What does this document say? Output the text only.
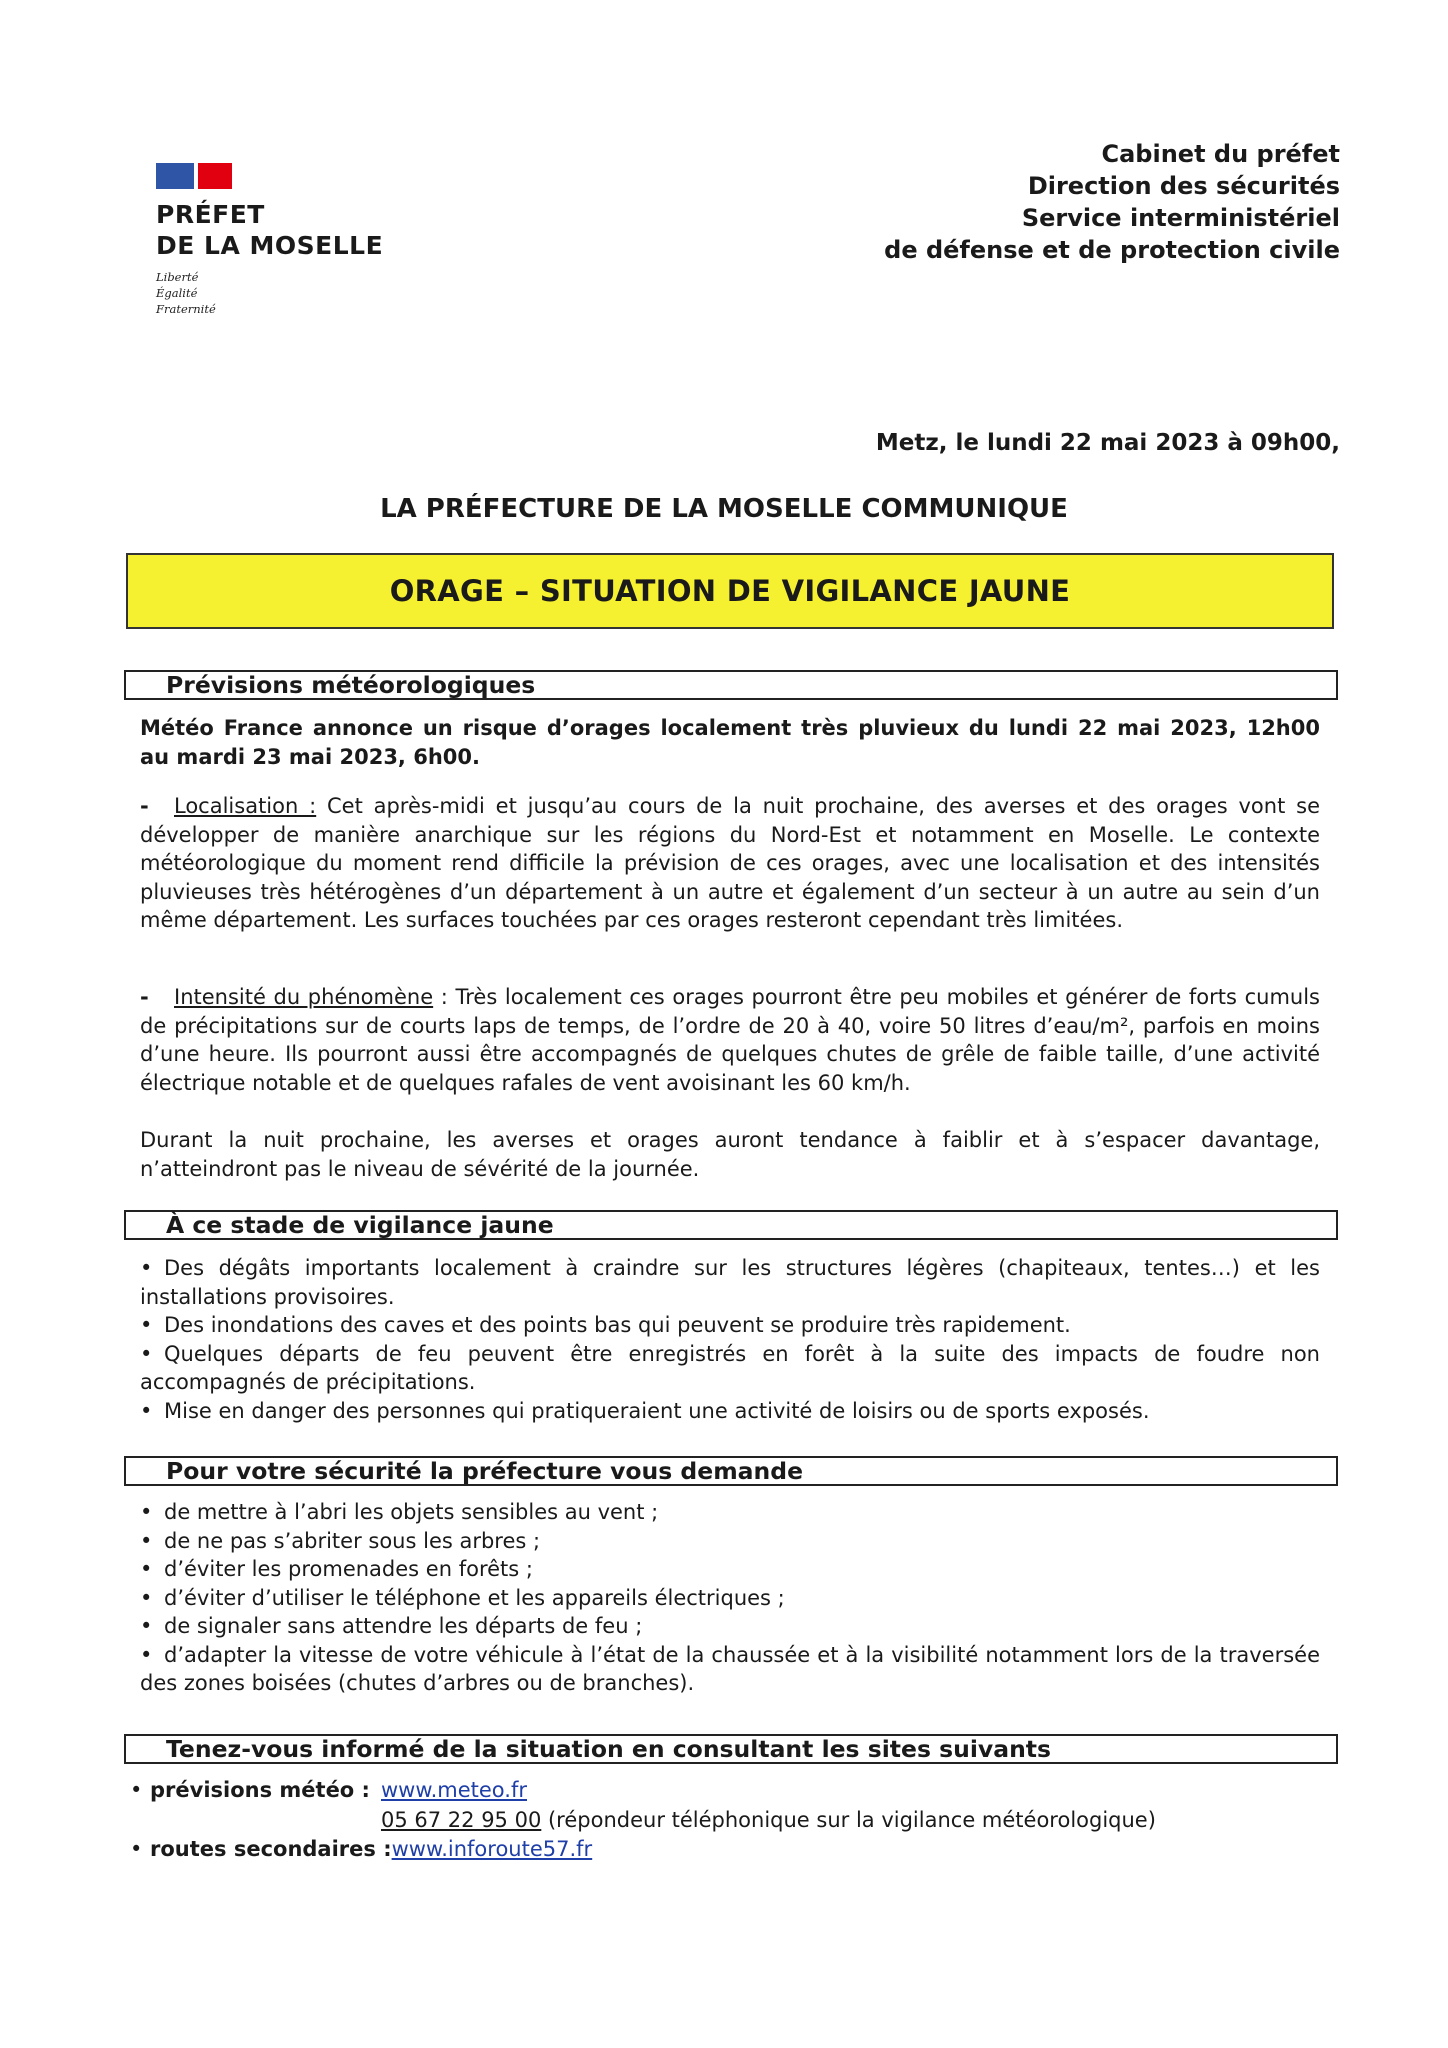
PRÉFET
DE LA MOSELLE
Liberté
Égalité
Fraternité
Cabinet du préfet
Direction des sécurités
Service interministériel
de défense et de protection civile
Metz, le lundi 22 mai 2023 à 09h00,
LA PRÉFECTURE DE LA MOSELLE COMMUNIQUE
ORAGE – SITUATION DE VIGILANCE JAUNE
Prévisions météorologiques
Météo France annonce un risque d’orages localement très pluvieux du lundi 22 mai 2023, 12h00 au mardi 23 mai 2023, 6h00.
- Localisation : Cet après-midi et jusqu’au cours de la nuit prochaine, des averses et des orages vont se développer de manière anarchique sur les régions du Nord-Est et notamment en Moselle. Le contexte météorologique du moment rend difficile la prévision de ces orages, avec une localisation et des intensités pluvieuses très hétérogènes d’un département à un autre et également d’un secteur à un autre au sein d’un même département. Les surfaces touchées par ces orages resteront cependant très limitées.
- Intensité du phénomène : Très localement ces orages pourront être peu mobiles et générer de forts cumuls de précipitations sur de courts laps de temps, de l’ordre de 20 à 40, voire 50 litres d’eau/m², parfois en moins d’une heure. Ils pourront aussi être accompagnés de quelques chutes de grêle de faible taille, d’une activité électrique notable et de quelques rafales de vent avoisinant les 60 km/h.
Durant la nuit prochaine, les averses et orages auront tendance à faiblir et à s’espacer davantage, n’atteindront pas le niveau de sévérité de la journée.
À ce stade de vigilance jaune
• Des dégâts importants localement à craindre sur les structures légères (chapiteaux, tentes…) et les installations provisoires.
• Des inondations des caves et des points bas qui peuvent se produire très rapidement.
• Quelques départs de feu peuvent être enregistrés en forêt à la suite des impacts de foudre non accompagnés de précipitations.
• Mise en danger des personnes qui pratiqueraient une activité de loisirs ou de sports exposés.
Pour votre sécurité la préfecture vous demande
• de mettre à l’abri les objets sensibles au vent ;
• de ne pas s’abriter sous les arbres ;
• d’éviter les promenades en forêts ;
• d’éviter d’utiliser le téléphone et les appareils électriques ;
• de signaler sans attendre les départs de feu ;
• d’adapter la vitesse de votre véhicule à l’état de la chaussée et à la visibilité notamment lors de la traversée des zones boisées (chutes d’arbres ou de branches).
Tenez-vous informé de la situation en consultant les sites suivants
• prévisions météo : www.meteo.fr
05 67 22 95 00 (répondeur téléphonique sur la vigilance météorologique)
• routes secondaires :www.inforoute57.fr
